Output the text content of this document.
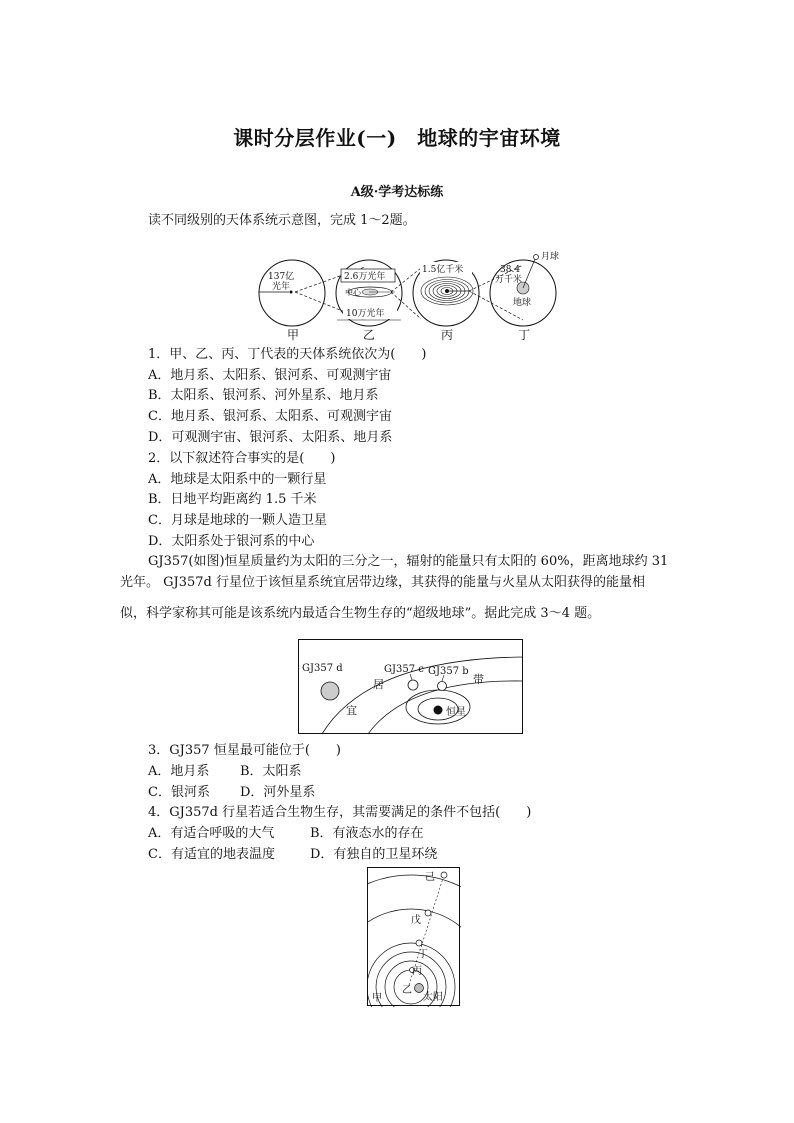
课时分层作业(一)　地球的宇宙环境
A级·学考达标练
读不同级别的天体系统示意图，完成 1～2题。
137亿
光年
2.6万光年
中心
10万光年
1.5亿千米
月球
38.4
万千米
地球
甲	乙	丙	丁
1．甲、乙、丙、丁代表的天体系统依次为(　　)
A．地月系、太阳系、银河系、可观测宇宙
B．太阳系、银河系、河外星系、地月系
C．地月系、银河系、太阳系、可观测宇宙
D．可观测宇宙、银河系、太阳系、地月系
2．以下叙述符合事实的是(　　)
A．地球是太阳系中的一颗行星
B．日地平均距离约 1.5 千米
C．月球是地球的一颗人造卫星
D．太阳系处于银河系的中心
GJ357(如图)恒星质量约为太阳的三分之一，辐射的能量只有太阳的 60%，距离地球约 31
光年。 GJ357d 行星位于该恒星系统宜居带边缘，其获得的能量与火星从太阳获得的能量相
似，科学家称其可能是该系统内最适合生物生存的“超级地球”。据此完成 3～4 题。
GJ357 d	GJ357 c GJ357 b
居	带
宜	恒星
3．GJ357 恒星最可能位于(　　)
A．地月系 B．太阳系
C．银河系 D．河外星系
4．GJ357d 行星若适合生物生存，其需要满足的条件不包括(　　)
A．有适合呼吸的大气	B．有液态水的存在
C．有适宜的地表温度	D．有独自的卫星环绕
己
戊
丁
丙
乙
太阳
甲
